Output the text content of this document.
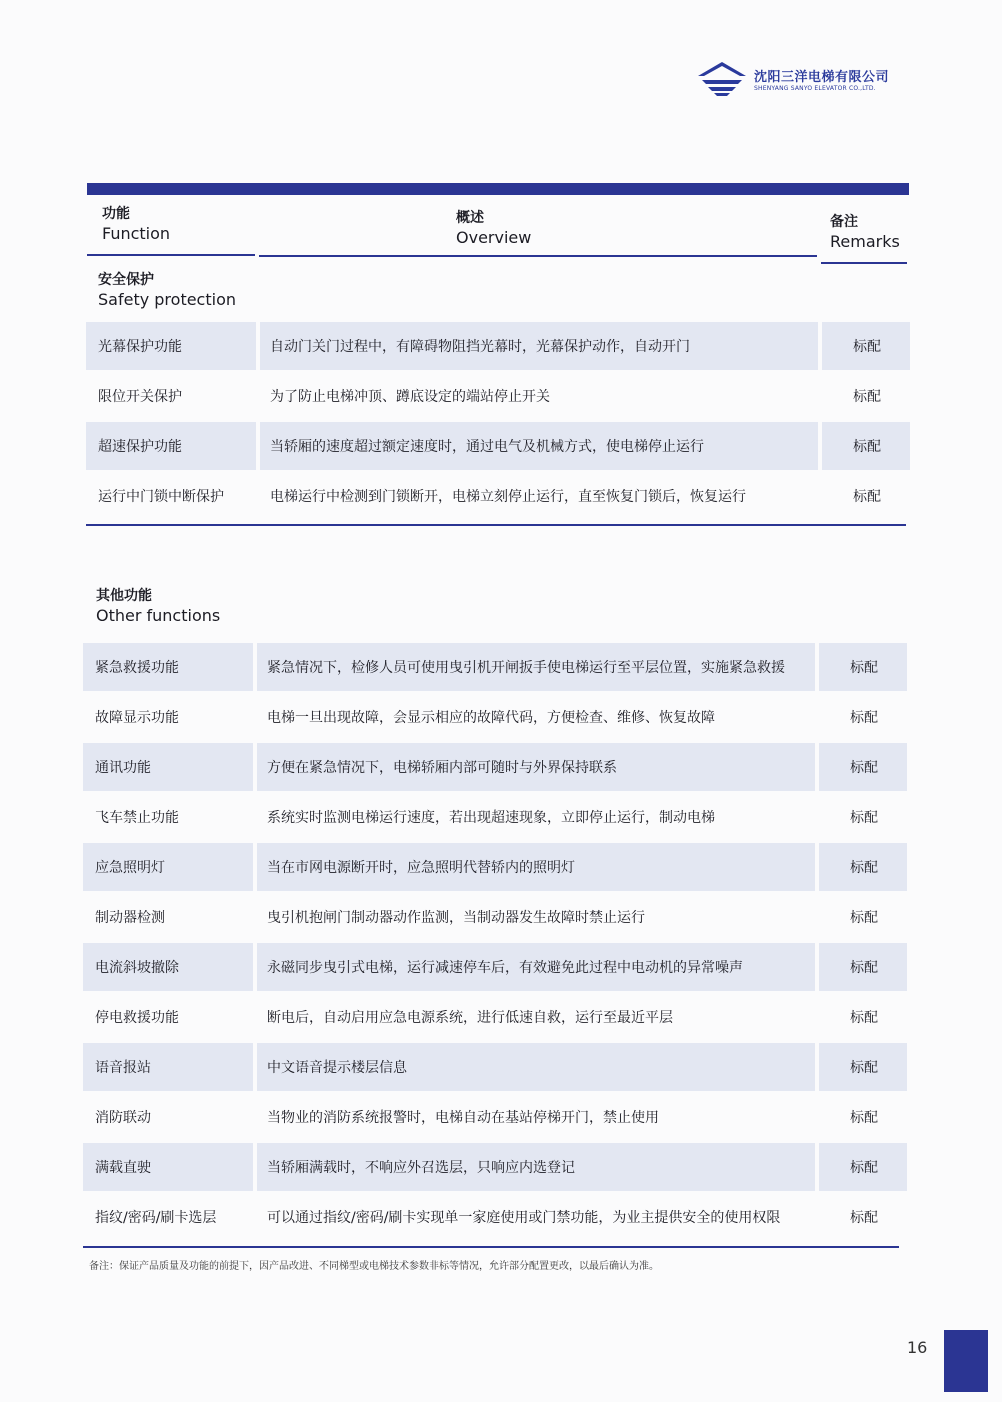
沈阳三洋电梯有限公司
SHENYANG SANYO ELEVATOR CO.,LTD.
功能
Function
概述
Overview
备注
Remarks
安全保护
Safety protection
光幕保护功能	自动门关门过程中，有障碍物阻挡光幕时，光幕保护动作，自动开门	标配
限位开关保护	为了防止电梯冲顶、蹲底设定的端站停止开关	标配
超速保护功能	当轿厢的速度超过额定速度时，通过电气及机械方式，使电梯停止运行	标配
运行中门锁中断保护	电梯运行中检测到门锁断开，电梯立刻停止运行，直至恢复门锁后，恢复运行	标配
其他功能
Other functions
紧急救援功能	紧急情况下，检修人员可使用曳引机开闸扳手使电梯运行至平层位置，实施紧急救援	标配
故障显示功能	电梯一旦出现故障，会显示相应的故障代码，方便检查、维修、恢复故障	标配
通讯功能	方便在紧急情况下，电梯轿厢内部可随时与外界保持联系	标配
飞车禁止功能	系统实时监测电梯运行速度，若出现超速现象，立即停止运行，制动电梯	标配
应急照明灯	当在市网电源断开时，应急照明代替轿内的照明灯	标配
制动器检测	曳引机抱闸门制动器动作监测，当制动器发生故障时禁止运行	标配
电流斜坡撤除	永磁同步曳引式电梯，运行减速停车后，有效避免此过程中电动机的异常噪声	标配
停电救援功能	断电后，自动启用应急电源系统，进行低速自救，运行至最近平层	标配
语音报站	中文语音提示楼层信息	标配
消防联动	当物业的消防系统报警时，电梯自动在基站停梯开门，禁止使用	标配
满载直驶	当轿厢满载时，不响应外召选层，只响应内选登记	标配
指纹/密码/刷卡选层	可以通过指纹/密码/刷卡实现单一家庭使用或门禁功能，为业主提供安全的使用权限	标配
备注：保证产品质量及功能的前提下，因产品改进、不同梯型或电梯技术参数非标等情况，允许部分配置更改，以最后确认为准。
16
